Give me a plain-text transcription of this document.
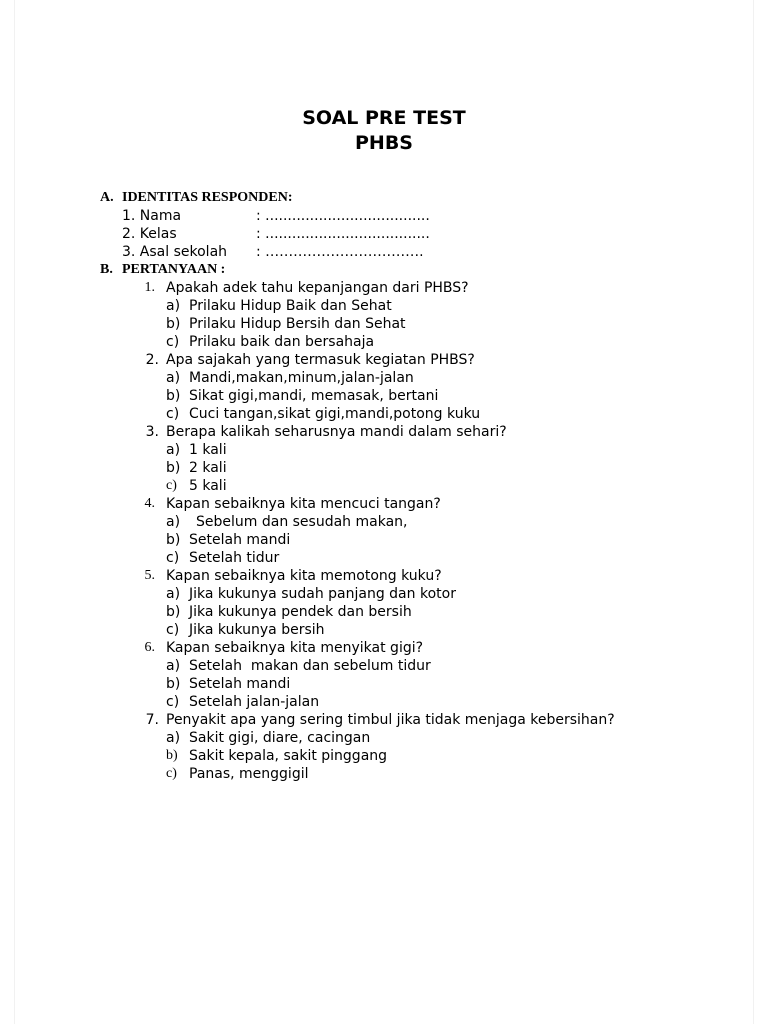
SOAL PRE TEST
PHBS
A. IDENTITAS RESPONDEN:
1. Nama	: .....................................
2. Kelas	: .....................................
3. Asal sekolah : …………………………….
B. PERTANYAAN :
1. Apakah adek tahu kepanjangan dari PHBS?
a) Prilaku Hidup Baik dan Sehat
b) Prilaku Hidup Bersih dan Sehat
c) Prilaku baik dan bersahaja
2. Apa sajakah yang termasuk kegiatan PHBS?
a) Mandi,makan,minum,jalan-jalan
b) Sikat gigi,mandi, memasak, bertani
c) Cuci tangan,sikat gigi,mandi,potong kuku
3. Berapa kalikah seharusnya mandi dalam sehari?
a) 1 kali
b) 2 kali
c) 5 kali
4. Kapan sebaiknya kita mencuci tangan?
a) Sebelum dan sesudah makan,
b) Setelah mandi
c) Setelah tidur
5. Kapan sebaiknya kita memotong kuku?
a) Jika kukunya sudah panjang dan kotor
b) Jika kukunya pendek dan bersih
c) Jika kukunya bersih
6. Kapan sebaiknya kita menyikat gigi?
a) Setelah  makan dan sebelum tidur
b) Setelah mandi
c) Setelah jalan-jalan
7. Penyakit apa yang sering timbul jika tidak menjaga kebersihan?
a) Sakit gigi, diare, cacingan
b) Sakit kepala, sakit pinggang
c) Panas, menggigil
